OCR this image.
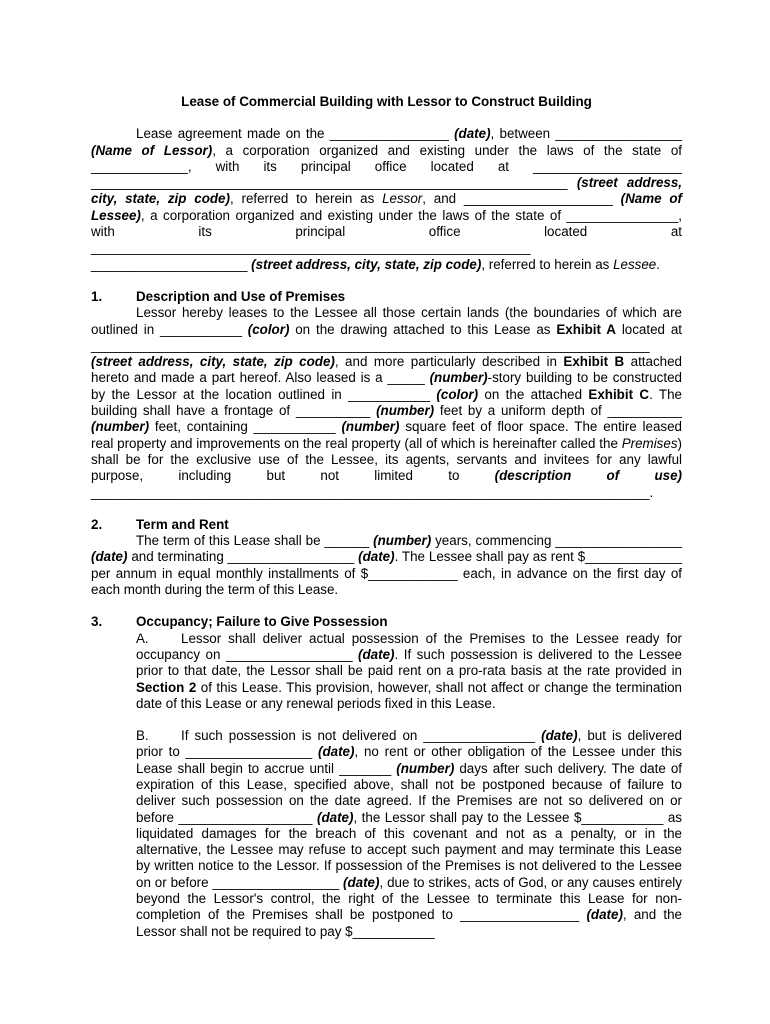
Lease of Commercial Building with Lessor to Construct Building

Lease agreement made on the ________________ (date), between _________________ (Name of Lessor), a corporation organized and existing under the laws of the state of _____________, with its principal office located at ____________________ ________________________________________________________________ (street address, city, state, zip code), referred to herein as Lessor, and ____________________ (Name of Lessee), a corporation organized and existing under the laws of the state of _______________, with its principal office located at ___________________________________________________________ _____________________ (street address, city, state, zip code), referred to herein as Lessee.

1.	Description and Use of Premises

Lessor hereby leases to the Lessee all those certain lands (the boundaries of which are outlined in ___________ (color) on the drawing attached to this Lease as Exhibit A located at ___________________________________________________________________________ (street address, city, state, zip code), and more particularly described in Exhibit B attached hereto and made a part hereof. Also leased is a _____ (number)-story building to be constructed by the Lessor at the location outlined in ___________ (color) on the attached Exhibit C. The building shall have a frontage of __________ (number) feet by a uniform depth of __________ (number) feet, containing ___________ (number) square feet of floor space. The entire leased real property and improvements on the real property (all of which is hereinafter called the Premises) shall be for the exclusive use of the Lessee, its agents, servants and invitees for any lawful purpose, including but not limited to (description of use) ___________________________________________________________________________.

2.	Term and Rent

The term of this Lease shall be ______ (number) years, commencing _________________ (date) and terminating _________________ (date). The Lessee shall pay as rent $_____________ per annum in equal monthly installments of $____________ each, in advance on the first day of each month during the term of this Lease.

3.	Occupancy; Failure to Give Possession

A. Lessor shall deliver actual possession of the Premises to the Lessee ready for occupancy on _________________ (date). If such possession is delivered to the Lessee prior to that date, the Lessor shall be paid rent on a pro-rata basis at the rate provided in Section 2 of this Lease. This provision, however, shall not affect or change the termination date of this Lease or any renewal periods fixed in this Lease.

B. If such possession is not delivered on _______________ (date), but is delivered prior to _________________ (date), no rent or other obligation of the Lessee under this Lease shall begin to accrue until _______ (number) days after such delivery. The date of expiration of this Lease, specified above, shall not be postponed because of failure to deliver such possession on the date agreed. If the Premises are not so delivered on or before __________________ (date), the Lessor shall pay to the Lessee $___________ as liquidated damages for the breach of this covenant and not as a penalty, or in the alternative, the Lessee may refuse to accept such payment and may terminate this Lease by written notice to the Lessor. If possession of the Premises is not delivered to the Lessee on or before _________________ (date), due to strikes, acts of God, or any causes entirely beyond the Lessor's control, the right of the Lessee to terminate this Lease for non-completion of the Premises shall be postponed to ________________ (date), and the Lessor shall not be required to pay $___________
